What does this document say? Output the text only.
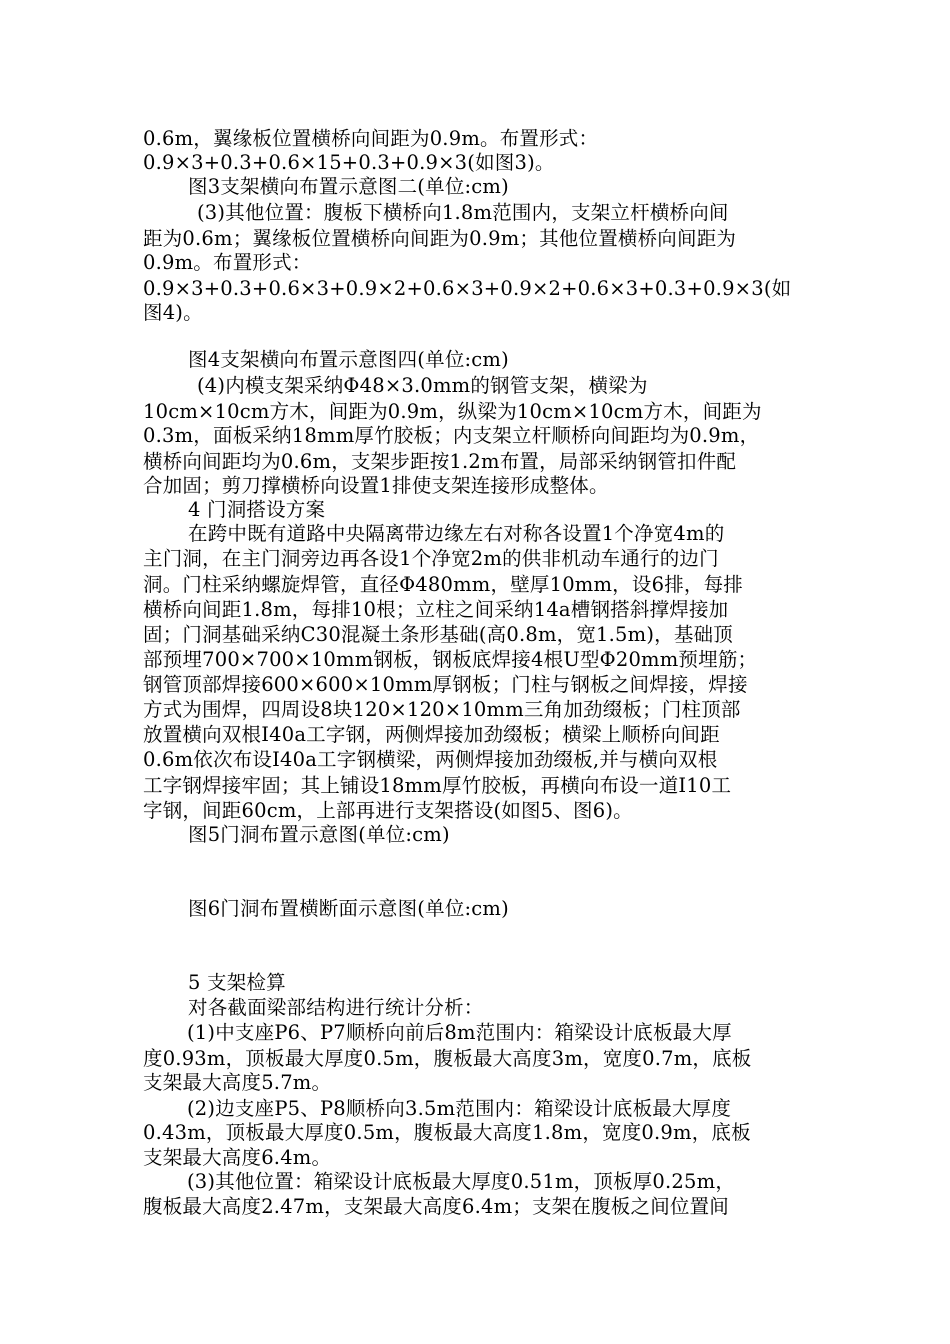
0.6m，翼缘板位置横桥向间距为0.9m。布置形式：
0.9×3+0.3+0.6×15+0.3+0.9×3(如图3)。
图3支架横向布置示意图二(单位:cm)
(3)其他位置：腹板下横桥向1.8m范围内，支架立杆横桥向间
距为0.6m；翼缘板位置横桥向间距为0.9m；其他位置横桥向间距为
0.9m。布置形式：
0.9×3+0.3+0.6×3+0.9×2+0.6×3+0.9×2+0.6×3+0.3+0.9×3(如
图4)。
图4支架横向布置示意图四(单位:cm)
(4)内模支架采纳Φ48×3.0mm的钢管支架，横梁为
10cm×10cm方木，间距为0.9m，纵梁为10cm×10cm方木，间距为
0.3m，面板采纳18mm厚竹胶板；内支架立杆顺桥向间距均为0.9m，
横桥向间距均为0.6m，支架步距按1.2m布置，局部采纳钢管扣件配
合加固；剪刀撑横桥向设置1排使支架连接形成整体。
4 门洞搭设方案
在跨中既有道路中央隔离带边缘左右对称各设置1个净宽4m的
主门洞，在主门洞旁边再各设1个净宽2m的供非机动车通行的边门
洞。门柱采纳螺旋焊管，直径Φ480mm，壁厚10mm，设6排，每排
横桥向间距1.8m，每排10根；立柱之间采纳14a槽钢搭斜撑焊接加
固；门洞基础采纳C30混凝土条形基础(高0.8m，宽1.5m)，基础顶
部预埋700×700×10mm钢板，钢板底焊接4根U型Φ20mm预埋筋；
钢管顶部焊接600×600×10mm厚钢板；门柱与钢板之间焊接，焊接
方式为围焊，四周设8块120×120×10mm三角加劲缀板；门柱顶部
放置横向双根I40a工字钢，两侧焊接加劲缀板；横梁上顺桥向间距
0.6m依次布设I40a工字钢横梁，两侧焊接加劲缀板,并与横向双根
工字钢焊接牢固；其上铺设18mm厚竹胶板，再横向布设一道I10工
字钢，间距60cm，上部再进行支架搭设(如图5、图6)。
图5门洞布置示意图(单位:cm)
图6门洞布置横断面示意图(单位:cm)
5 支架检算
对各截面梁部结构进行统计分析：
(1)中支座P6、P7顺桥向前后8m范围内：箱梁设计底板最大厚
度0.93m，顶板最大厚度0.5m，腹板最大高度3m，宽度0.7m，底板
支架最大高度5.7m。
(2)边支座P5、P8顺桥向3.5m范围内：箱梁设计底板最大厚度
0.43m，顶板最大厚度0.5m，腹板最大高度1.8m，宽度0.9m，底板
支架最大高度6.4m。
(3)其他位置：箱梁设计底板最大厚度0.51m，顶板厚0.25m，
腹板最大高度2.47m，支架最大高度6.4m；支架在腹板之间位置间
